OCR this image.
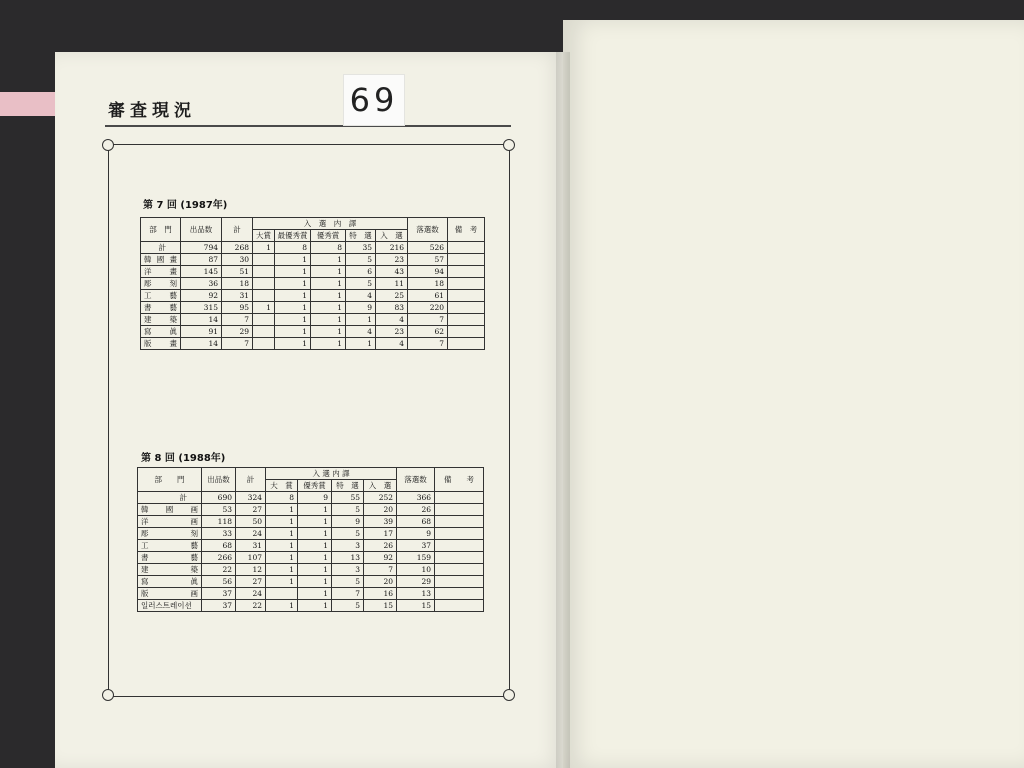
審査現況	69
第 7 回 (1987年)
部　門	出品数	計	入　選　内　譯					落選数	備　考
			大賞	最優秀賞	優秀賞	特　選	入　選		
計	794	268	1	8	8	35	216	526	
韓國畫	87	30		1	1	5	23	57	
洋　畫	145	51		1	1	6	43	94	
彫　刻	36	18		1	1	5	11	18	
工　藝	92	31		1	1	4	25	61	
書　藝	315	95	1	1	1	9	83	220	
建　築	14	7		1	1	1	4	7	
寫　眞	91	29		1	1	4	23	62	
版　畫	14	7		1	1	1	4	7	
第 8 回 (1988年)
部　　門	出品数	計	入 選 内 譯				落選数	備　　考
			大　賞	優秀賞	特　選	入　選		
計	690	324	8	9	55	252	366	
韓　國　画	53	27	1	1	5	20	26	
洋　　画	118	50	1	1	9	39	68	
彫　　刻	33	24	1	1	5	17	9	
工　　藝	68	31	1	1	3	26	37	
書　　藝	266	107	1	1	13	92	159	
建　　築	22	12	1	1	3	7	10	
寫　　眞	56	27	1	1	5	20	29	
版　　画	37	24		1	7	16	13	
일러스트레이션	37	22	1	1	5	15	15	
